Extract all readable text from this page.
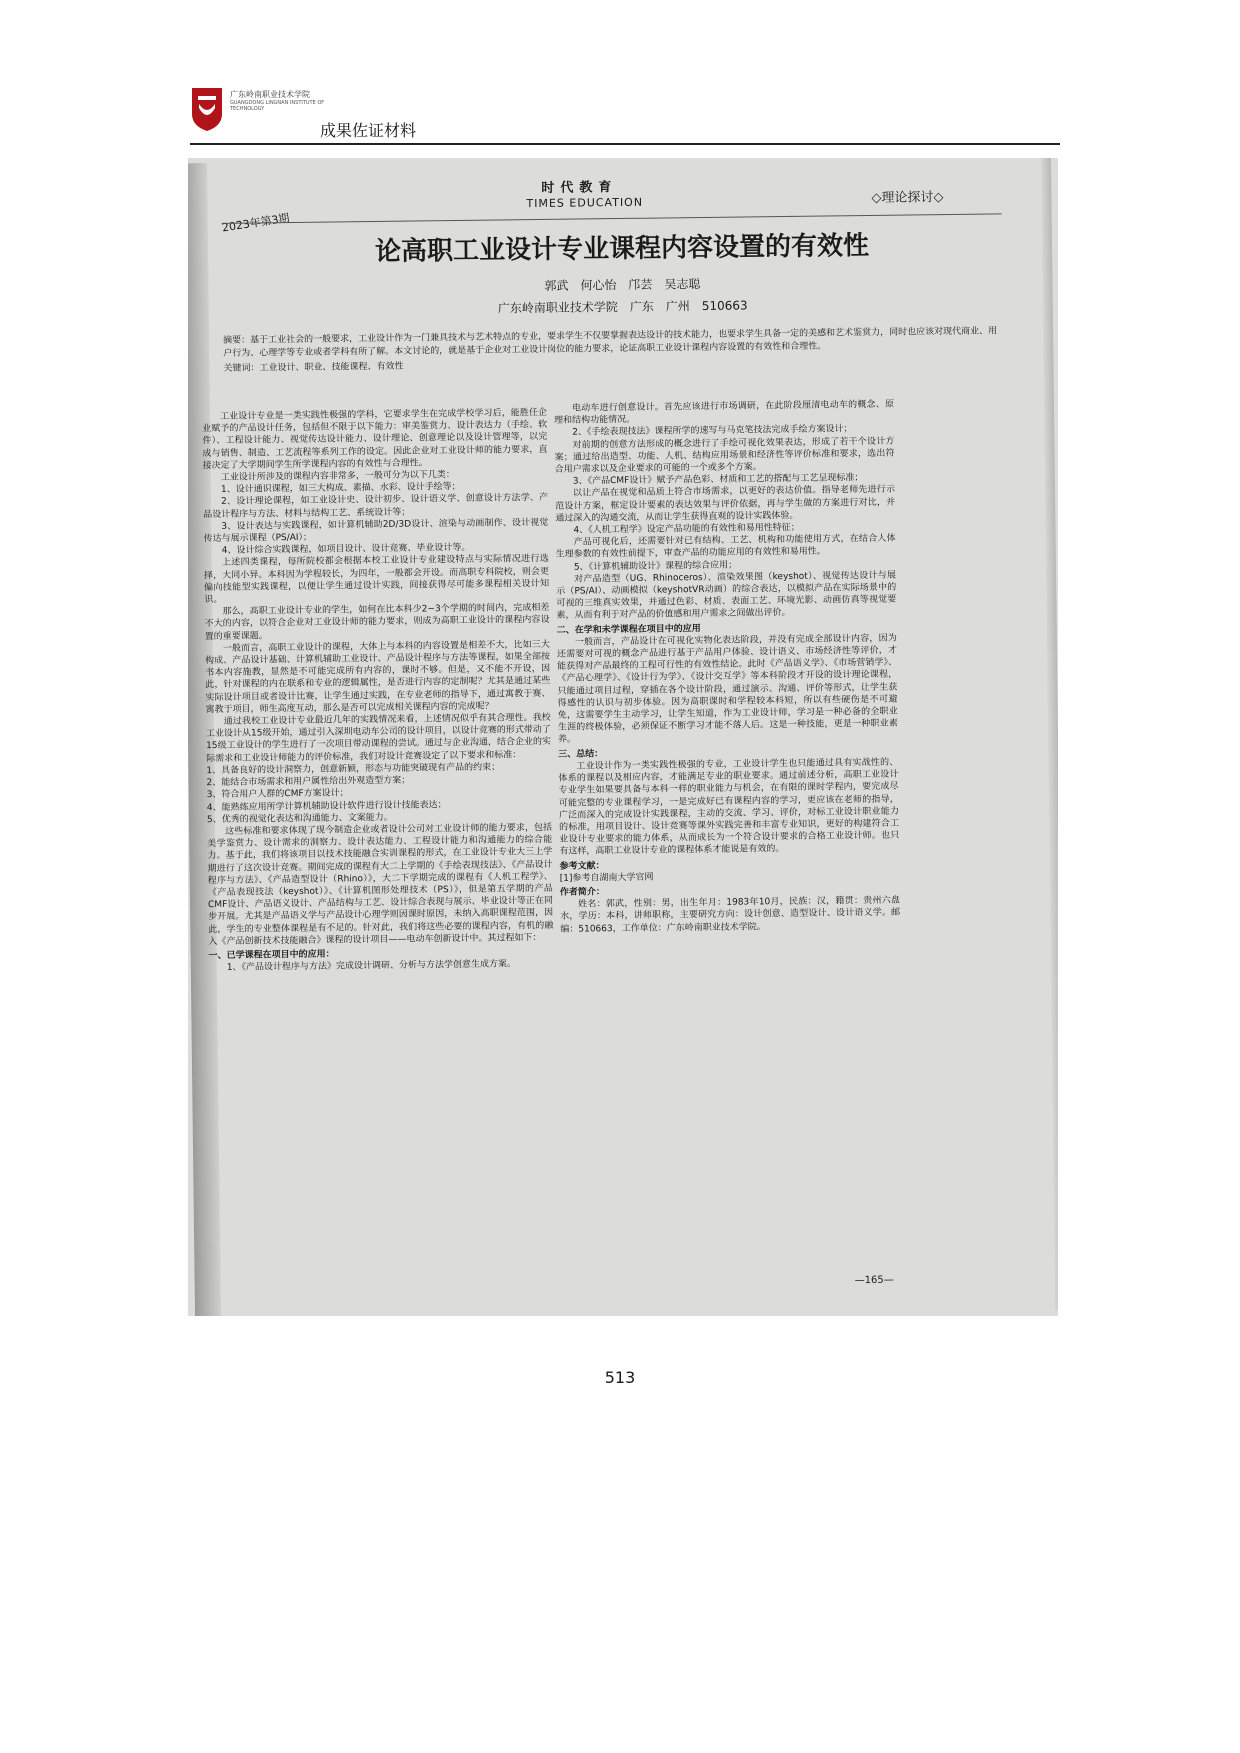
广东岭南职业技术学院
GUANGDONG LINGNAN INSTITUTE OF TECHNOLOGY
成果佐证材料
2023年第3期
时代教育
TIMES EDUCATION	◇理论探讨◇
论高职工业设计专业课程内容设置的有效性
郭武　何心怡　邝芸　吴志聪
广东岭南职业技术学院　广东　广州　510663
摘要：基于工业社会的一般要求，工业设计作为一门兼具技术与艺术特点的专业，要求学生不仅要掌握表达设计的技术能力，也要求学生具备一定的美感和艺术鉴赏力，同时也应该对现代商业、用户行为、心理学等专业或者学科有所了解。本文讨论的，就是基于企业对工业设计岗位的能力要求，论证高职工业设计课程内容设置的有效性和合理性。
关键词：工业设计、职业、技能课程、有效性

工业设计专业是一类实践性极强的学科，它要求学生在完成学校学习后，能胜任企业赋予的产品设计任务，包括但不限于以下能力：审美鉴赏力、设计表达力（手绘、软件）、工程设计能力、视觉传达设计能力、设计理论、创意理论以及设计管理等，以完成与销售、制造、工艺流程等系列工作的设定。因此企业对工业设计师的能力要求，直接决定了大学期间学生所学课程内容的有效性与合理性。

工业设计所涉及的课程内容非常多，一般可分为以下几类：

1、设计通识课程，如三大构成、素描、水彩、设计手绘等；

2、设计理论课程，如工业设计史、设计初步、设计语义学、创意设计方法学、产品设计程序与方法、材料与结构工艺、系统设计等；

3、设计表达与实践课程，如计算机辅助2D/3D设计、渲染与动画制作、设计视觉传达与展示课程（PS/AI）；

4、设计综合实践课程，如项目设计、设计竞赛、毕业设计等。

上述四类课程，每所院校都会根据本校工业设计专业建设特点与实际情况进行选择，大同小异。本科因为学程较长，为四年，一般都会开设。而高职专科院校，则会更偏向技能型实践课程，以便让学生通过设计实践，间接获得尽可能多课程相关设计知识。

那么，高职工业设计专业的学生，如何在比本科少2~3个学期的时间内，完成相差不大的内容，以符合企业对工业设计师的能力要求，则成为高职工业设计的课程内容设置的重要课题。

一般而言，高职工业设计的课程，大体上与本科的内容设置是相差不大，比如三大构成、产品设计基础、计算机辅助工业设计、产品设计程序与方法等课程，如果全部按书本内容施教，显然是不可能完成所有内容的，课时不够。但是，又不能不开设，因此，针对课程的内在联系和专业的逻辑属性，是否进行内容的定制呢？尤其是通过某些实际设计项目或者设计比赛，让学生通过实践，在专业老师的指导下，通过寓教于赛、寓教于项目，师生高度互动，那么是否可以完成相关课程内容的完成呢？

通过我校工业设计专业最近几年的实践情况来看，上述情况似乎有其合理性。我校工业设计从15级开始，通过引入深圳电动车公司的设计项目，以设计竞赛的形式带动了15级工业设计的学生进行了一次项目带动课程的尝试。通过与企业沟通，结合企业的实际需求和工业设计师能力的评价标准，我们对设计竞赛设定了以下要求和标准：

1、具备良好的设计洞察力，创意新颖，形态与功能突破现有产品的约束；

2、能结合市场需求和用户属性给出外观造型方案；

3、符合用户人群的CMF方案设计；

4、能熟练应用所学计算机辅助设计软件进行设计技能表达；

5、优秀的视觉化表达和沟通能力、文案能力。

这些标准和要求体现了现今制造企业或者设计公司对工业设计师的能力要求，包括美学鉴赏力、设计需求的洞察力、设计表达能力、工程设计能力和沟通能力的综合能力。基于此，我们将该项目以技术技能融合实训课程的形式，在工业设计专业大三上学期进行了这次设计竞赛。期间完成的课程有大二上学期的《手绘表现技法》、《产品设计程序与方法》、《产品造型设计（Rhino）》，大二下学期完成的课程有《人机工程学》、《产品表现技法（keyshot）》、《计算机图形处理技术（PS）》，但是第五学期的产品CMF设计、产品语义设计、产品结构与工艺、设计综合表现与展示、毕业设计等正在同步开展。尤其是产品语义学与产品设计心理学则因课时原因，未纳入高职课程范围，因此，学生的专业整体课程是有不足的。针对此，我们将这些必要的课程内容，有机的融入《产品创新技术技能融合》课程的设计项目——电动车创新设计中。其过程如下：

一、已学课程在项目中的应用：

1、《产品设计程序与方法》完成设计调研、分析与方法学创意生成方案。

电动车进行创意设计。首先应该进行市场调研，在此阶段厘清电动车的概念、原理和结构功能情况。

2、《手绘表现技法》课程所学的速写与马克笔技法完成手绘方案设计；

对前期的创意方法形成的概念进行了手绘可视化效果表达，形成了若干个设计方案；通过给出造型、功能、人机、结构应用场景和经济性等评价标准和要求，选出符合用户需求以及企业要求的可能的一个或多个方案。

3、《产品CMF设计》赋予产品色彩、材质和工艺的搭配与工艺呈现标准；

以让产品在视觉和品质上符合市场需求，以更好的表达价值。指导老师先进行示范设计方案，框定设计要素的表达效果与评价依据，再与学生做的方案进行对比，并通过深入的沟通交流，从而让学生获得直观的设计实践体验。

4、《人机工程学》设定产品功能的有效性和易用性特征；

产品可视化后，还需要针对已有结构、工艺、机构和功能使用方式，在结合人体生理参数的有效性前提下，审查产品的功能应用的有效性和易用性。

5、《计算机辅助设计》课程的综合应用；

对产品造型（UG、Rhinoceros）、渲染效果图（keyshot）、视觉传达设计与展示（PS/AI）、动画模拟（keyshotVR动画）的综合表达，以模拟产品在实际场景中的可视的三维真实效果，并通过色彩、材质、表面工艺、环境光影、动画仿真等视觉要素，从而有利于对产品的价值感和用户需求之间做出评价。

二、在学和未学课程在项目中的应用

一般而言，产品设计在可视化实物化表达阶段，并没有完成全部设计内容，因为还需要对可视的概念产品进行基于产品用户体验、设计语义、市场经济性等评价，才能获得对产品最终的工程可行性的有效性结论。此时《产品语义学》、《市场营销学》、《产品心理学》、《设计行为学》、《设计交互学》等本科阶段才开设的设计理论课程，只能通过项目过程，穿插在各个设计阶段，通过演示、沟通、评价等形式，让学生获得感性的认识与初步体验。因为高职课时和学程较本科短，所以有些硬伤是不可避免，这需要学生主动学习，让学生知道，作为工业设计师，学习是一种必备的全职业生涯的终极体验，必须保证不断学习才能不落人后。这是一种技能，更是一种职业素养。

三、总结：

工业设计作为一类实践性极强的专业，工业设计学生也只能通过具有实战性的、体系的课程以及相应内容，才能满足专业的职业要求。通过前述分析，高职工业设计专业学生如果要具备与本科一样的职业能力与机会，在有限的课时学程内，要完成尽可能完整的专业课程学习，一是完成好已有课程内容的学习，更应该在老师的指导，广泛而深入的完成设计实践课程，主动的交流、学习、评价，对标工业设计职业能力的标准，用项目设计、设计竞赛等课外实践完善和丰富专业知识，更好的构建符合工业设计专业要求的能力体系，从而成长为一个符合设计要求的合格工业设计师。也只有这样，高职工业设计专业的课程体系才能说是有效的。

参考文献：

[1]参考自湖南大学官网

作者简介：

姓名：郭武，性别：男，出生年月：1983年10月，民族：汉，籍贯：贵州六盘水，学历：本科，讲师职称，主要研究方向：设计创意、造型设计、设计语义学。邮编：510663，工作单位：广东岭南职业技术学院。

—165—
513
